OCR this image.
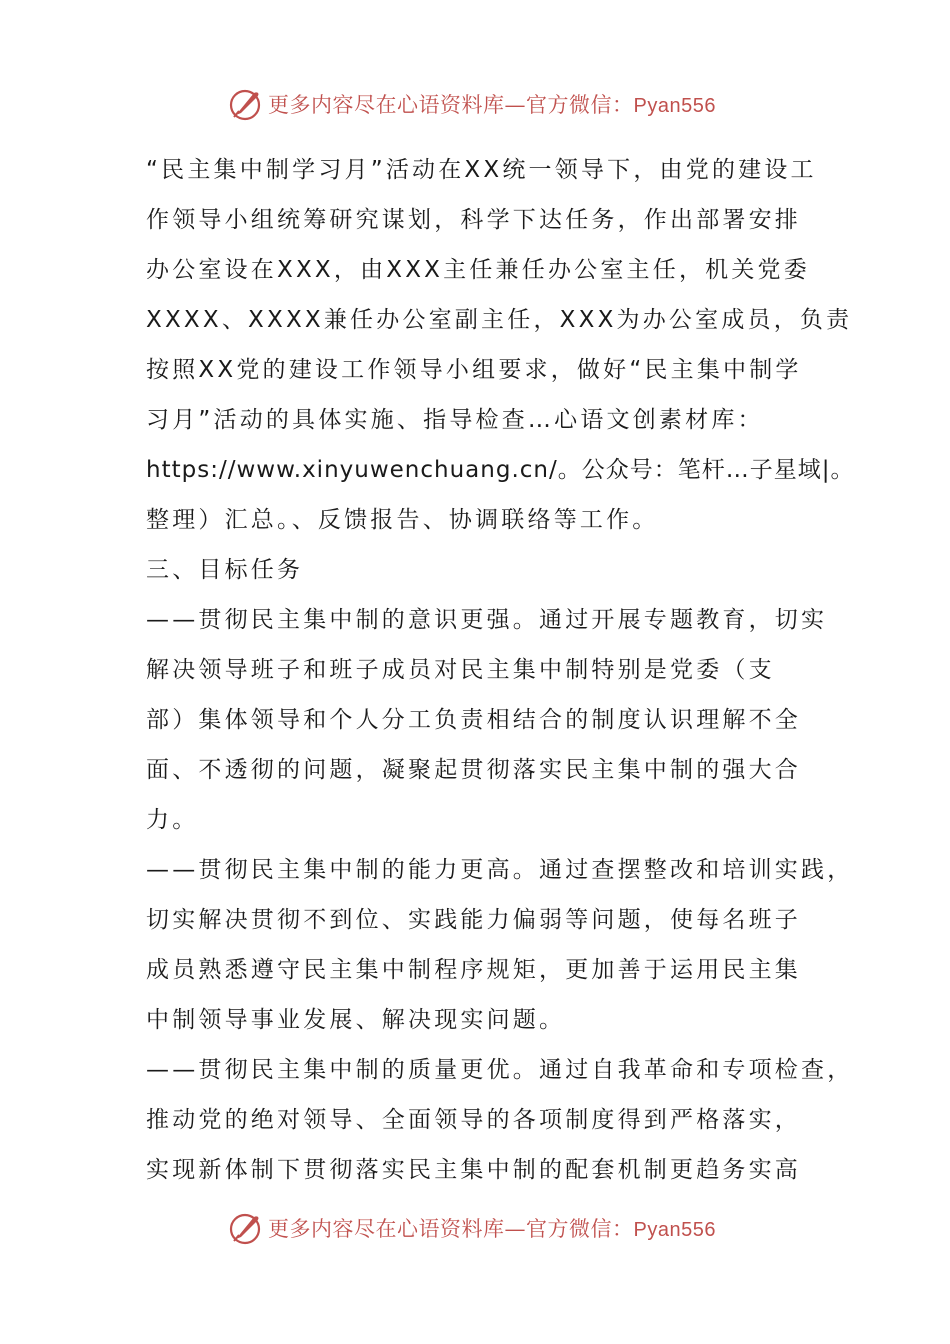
更多内容尽在心语资料库—官方微信：Pyan556
“民主集中制学习月”活动在XX统一领导下，由党的建设工
作领导小组统筹研究谋划，科学下达任务，作出部署安排
办公室设在XXX，由XXX主任兼任办公室主任，机关党委
XXXX、XXXX兼任办公室副主任，XXX为办公室成员，负责
按照XX党的建设工作领导小组要求，做好“民主集中制学
习月”活动的具体实施、指导检查…心语文创素材库：
https://www.xinyuwenchuang.cn/。公众号：笔杆…子星域|。
整理）汇总。、反馈报告、协调联络等工作。
三、目标任务
——贯彻民主集中制的意识更强。通过开展专题教育，切实
解决领导班子和班子成员对民主集中制特别是党委（支
部）集体领导和个人分工负责相结合的制度认识理解不全
面、不透彻的问题，凝聚起贯彻落实民主集中制的强大合
力。
——贯彻民主集中制的能力更高。通过查摆整改和培训实践，
切实解决贯彻不到位、实践能力偏弱等问题，使每名班子
成员熟悉遵守民主集中制程序规矩，更加善于运用民主集
中制领导事业发展、解决现实问题。
——贯彻民主集中制的质量更优。通过自我革命和专项检查，
推动党的绝对领导、全面领导的各项制度得到严格落实，
实现新体制下贯彻落实民主集中制的配套机制更趋务实高
更多内容尽在心语资料库—官方微信：Pyan556
